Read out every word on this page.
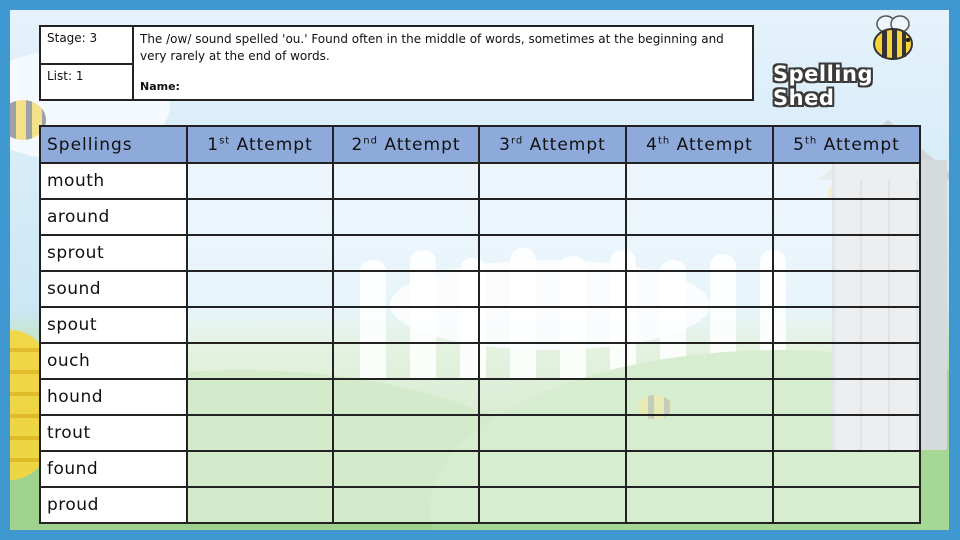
Stage: 3
List: 1
The /ow/ sound spelled 'ou.' Found often in the middle of words, sometimes at the beginning and very rarely at the end of words.
Name:
Spelling Shed
Spellings	1st Attempt	2nd Attempt	3rd Attempt	4th Attempt	5th Attempt
mouth					
around					
sprout					
sound					
spout					
ouch					
hound					
trout					
found					
proud					
